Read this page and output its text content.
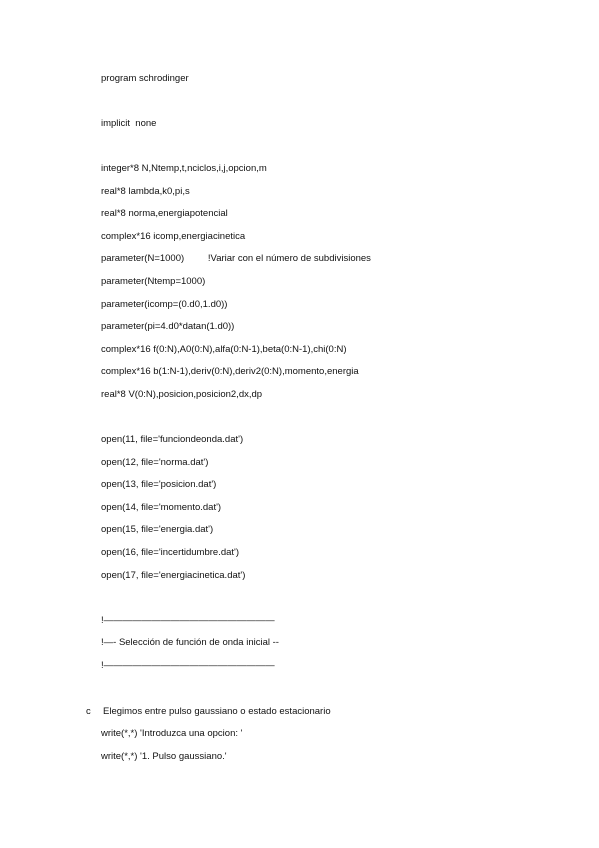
program schrodinger
implicit  none
integer*8 N,Ntemp,t,nciclos,i,j,opcion,m
real*8 lambda,k0,pi,s
real*8 norma,energiapotencial
complex*16 icomp,energiacinetica
parameter(N=1000)         !Variar con el número de subdivisiones
parameter(Ntemp=1000)
parameter(icomp=(0.d0,1.d0))
parameter(pi=4.d0*datan(1.d0))
complex*16 f(0:N),A0(0:N),alfa(0:N-1),beta(0:N-1),chi(0:N)
complex*16 b(1:N-1),deriv(0:N),deriv2(0:N),momento,energia
real*8 V(0:N),posicion,posicion2,dx,dp
open(11, file='funciondeonda.dat')
open(12, file='norma.dat')
open(13, file='posicion.dat')
open(14, file='momento.dat')
open(15, file='energia.dat')
open(16, file='incertidumbre.dat')
open(17, file='energiacinetica.dat')
!——————————————————
!—- Selección de función de onda inicial --
!——————————————————
c Elegimos entre pulso gaussiano o estado estacionario
write(*,*) 'Introduzca una opcion: '
write(*,*) '1. Pulso gaussiano.'
